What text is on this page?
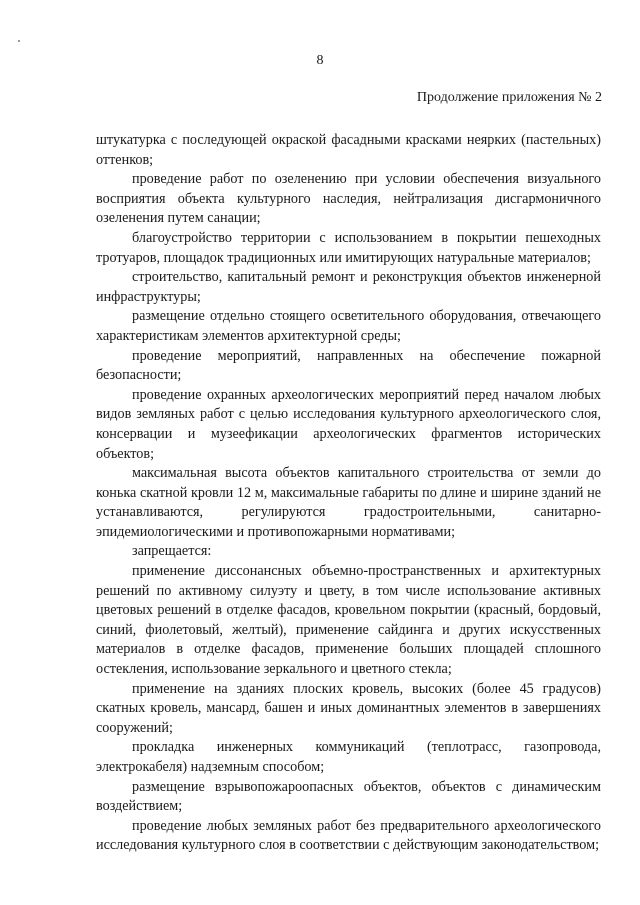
8
Продолжение приложения № 2

штукатурка с последующей окраской фасадными красками неярких (пастельных) оттенков;

проведение работ по озеленению при условии обеспечения визуального восприятия объекта культурного наследия, нейтрализация дисгармоничного озеленения путем санации;

благоустройство территории с использованием в покрытии пешеходных тротуаров, площадок традиционных или имитирующих натуральные материалов;

строительство, капитальный ремонт и реконструкция объектов инженерной инфраструктуры;

размещение отдельно стоящего осветительного оборудования, отвечающего характеристикам элементов архитектурной среды;

проведение мероприятий, направленных на обеспечение пожарной безопасности;

проведение охранных археологических мероприятий перед началом любых видов земляных работ с целью исследования культурного археологического слоя, консервации и музеефикации археологических фрагментов исторических объектов;

максимальная высота объектов капитального строительства от земли до конька скатной кровли 12 м, максимальные габариты по длине и ширине зданий не устанавливаются, регулируются градостроительными, санитарно-эпидемиологическими и противопожарными нормативами;

запрещается:

применение диссонансных объемно-пространственных и архитектурных решений по активному силуэту и цвету, в том числе использование активных цветовых решений в отделке фасадов, кровельном покрытии (красный, бордовый, синий, фиолетовый, желтый), применение сайдинга и других искусственных материалов в отделке фасадов, применение больших площадей сплошного остекления, использование зеркального и цветного стекла;

применение на зданиях плоских кровель, высоких (более 45 градусов) скатных кровель, мансард, башен и иных доминантных элементов в завершениях сооружений;

прокладка инженерных коммуникаций (теплотрасс, газопровода, электрокабеля) надземным способом;

размещение взрывопожароопасных объектов, объектов с динамическим воздействием;

проведение любых земляных работ без предварительного археологического исследования культурного слоя в соответствии с действующим законодательством;
